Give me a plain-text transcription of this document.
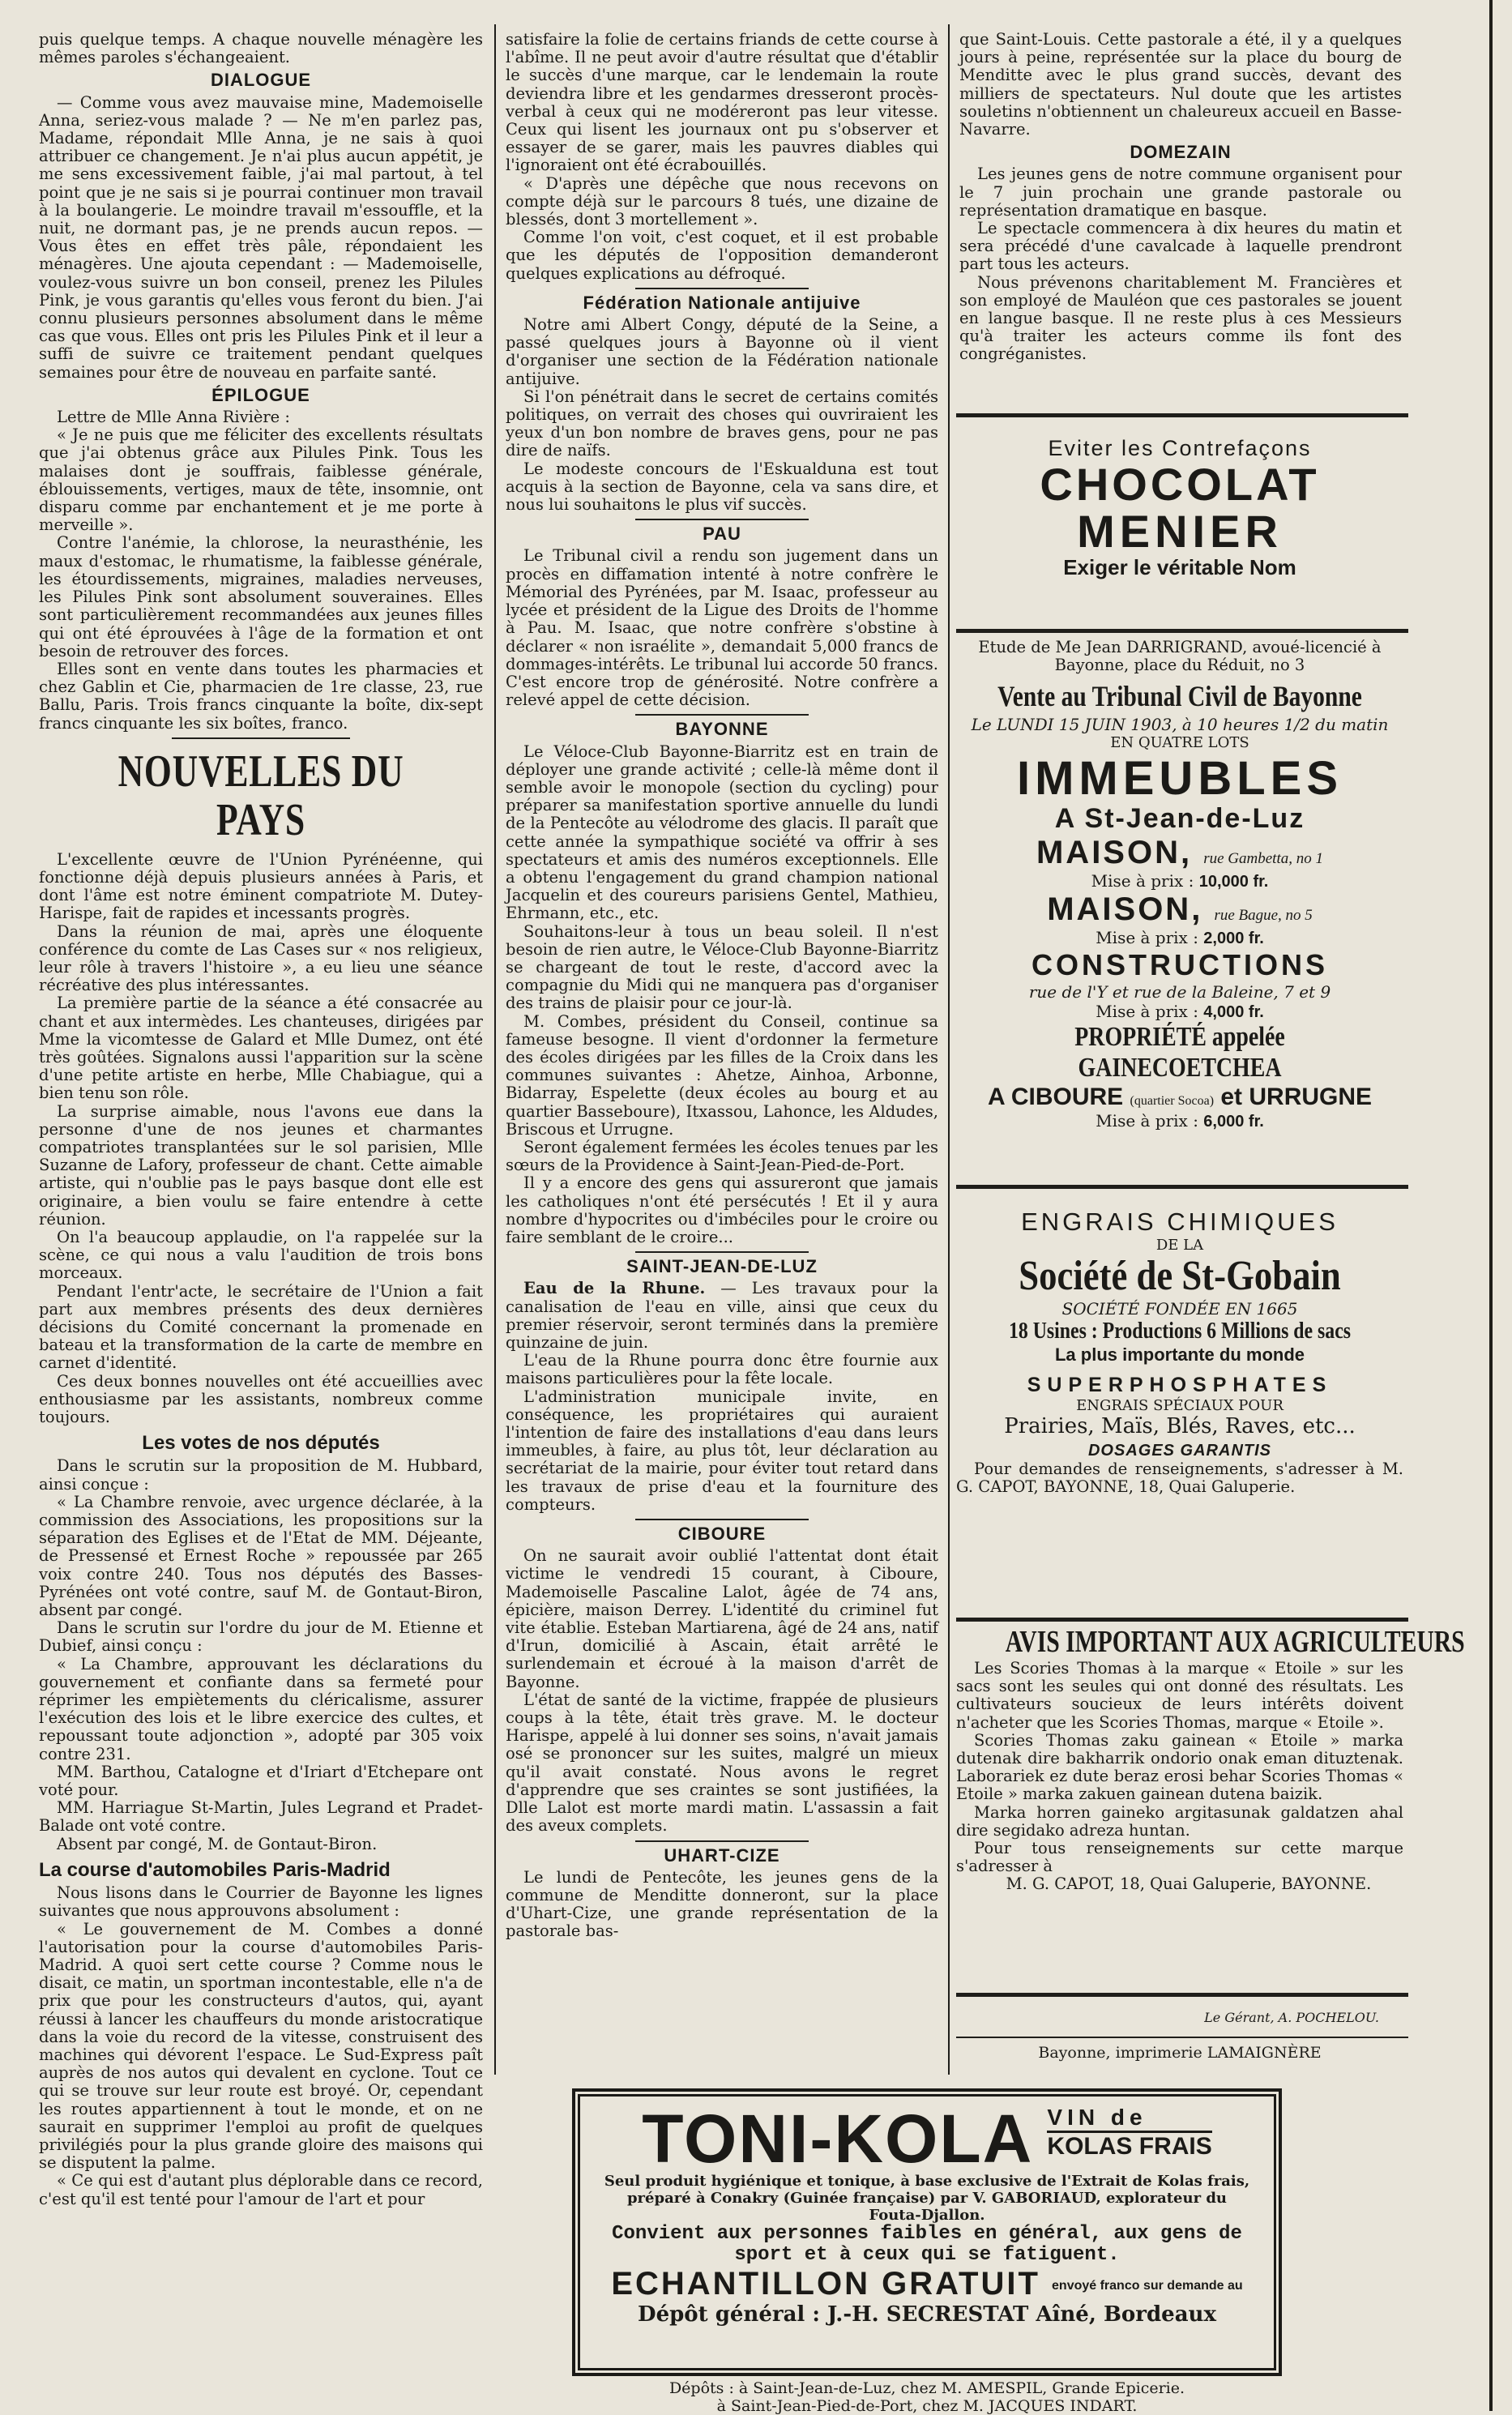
puis quelque temps. A chaque nouvelle ménagère les mêmes paroles s'échangeaient.

DIALOGUE

— Comme vous avez mauvaise mine, Mademoiselle Anna, seriez-vous malade ? — Ne m'en parlez pas, Madame, répondait Mlle Anna, je ne sais à quoi attribuer ce changement. Je n'ai plus aucun appétit, je me sens excessivement faible, j'ai mal partout, à tel point que je ne sais si je pourrai continuer mon travail à la boulangerie. Le moindre travail m'essouffle, et la nuit, ne dormant pas, je ne prends aucun repos. — Vous êtes en effet très pâle, répondaient les ménagères. Une ajouta cependant : — Mademoiselle, voulez-vous suivre un bon conseil, prenez les Pilules Pink, je vous garantis qu'elles vous feront du bien. J'ai connu plusieurs personnes absolument dans le même cas que vous. Elles ont pris les Pilules Pink et il leur a suffi de suivre ce traitement pendant quelques semaines pour être de nouveau en parfaite santé.

ÉPILOGUE

Lettre de Mlle Anna Rivière :

« Je ne puis que me féliciter des excellents résultats que j'ai obtenus grâce aux Pilules Pink. Tous les malaises dont je souffrais, faiblesse générale, éblouissements, vertiges, maux de tête, insomnie, ont disparu comme par enchantement et je me porte à merveille ».

Contre l'anémie, la chlorose, la neurasthénie, les maux d'estomac, le rhumatisme, la faiblesse générale, les étourdissements, migraines, maladies nerveuses, les Pilules Pink sont absolument souveraines. Elles sont particulièrement recommandées aux jeunes filles qui ont été éprouvées à l'âge de la formation et ont besoin de retrouver des forces.

Elles sont en vente dans toutes les pharmacies et chez Gablin et Cie, pharmacien de 1re classe, 23, rue Ballu, Paris. Trois francs cinquante la boîte, dix-sept francs cinquante les six boîtes, franco.

NOUVELLES DU PAYS

L'excellente œuvre de l'Union Pyrénéenne, qui fonctionne déjà depuis plusieurs années à Paris, et dont l'âme est notre éminent compatriote M. Dutey-Harispe, fait de rapides et incessants progrès.

Dans la réunion de mai, après une éloquente conférence du comte de Las Cases sur « nos religieux, leur rôle à travers l'histoire », a eu lieu une séance récréative des plus intéressantes.

La première partie de la séance a été consacrée au chant et aux intermèdes. Les chanteuses, dirigées par Mme la vicomtesse de Galard et Mlle Dumez, ont été très goûtées. Signalons aussi l'apparition sur la scène d'une petite artiste en herbe, Mlle Chabiague, qui a bien tenu son rôle.

La surprise aimable, nous l'avons eue dans la personne d'une de nos jeunes et charmantes compatriotes transplantées sur le sol parisien, Mlle Suzanne de Lafory, professeur de chant. Cette aimable artiste, qui n'oublie pas le pays basque dont elle est originaire, a bien voulu se faire entendre à cette réunion.

On l'a beaucoup applaudie, on l'a rappelée sur la scène, ce qui nous a valu l'audition de trois bons morceaux.

Pendant l'entr'acte, le secrétaire de l'Union a fait part aux membres présents des deux dernières décisions du Comité concernant la promenade en bateau et la transformation de la carte de membre en carnet d'identité.

Ces deux bonnes nouvelles ont été accueillies avec enthousiasme par les assistants, nombreux comme toujours.

Les votes de nos députés

Dans le scrutin sur la proposition de M. Hubbard, ainsi conçue :

« La Chambre renvoie, avec urgence déclarée, à la commission des Associations, les propositions sur la séparation des Eglises et de l'Etat de MM. Déjeante, de Pressensé et Ernest Roche » repoussée par 265 voix contre 240. Tous nos députés des Basses-Pyrénées ont voté contre, sauf M. de Gontaut-Biron, absent par congé.

Dans le scrutin sur l'ordre du jour de M. Etienne et Dubief, ainsi conçu :

« La Chambre, approuvant les déclarations du gouvernement et confiante dans sa fermeté pour réprimer les empiètements du cléricalisme, assurer l'exécution des lois et le libre exercice des cultes, et repoussant toute adjonction », adopté par 305 voix contre 231.

MM. Barthou, Catalogne et d'Iriart d'Etchepare ont voté pour.

MM. Harriague St-Martin, Jules Legrand et Pradet-Balade ont voté contre.

Absent par congé, M. de Gontaut-Biron.

La course d'automobiles Paris-Madrid

Nous lisons dans le Courrier de Bayonne les lignes suivantes que nous approuvons absolument :

« Le gouvernement de M. Combes a donné l'autorisation pour la course d'automobiles Paris-Madrid. A quoi sert cette course ? Comme nous le disait, ce matin, un sportman incontestable, elle n'a de prix que pour les constructeurs d'autos, qui, ayant réussi à lancer les chauffeurs du monde aristocratique dans la voie du record de la vitesse, construisent des machines qui dévorent l'espace. Le Sud-Express paît auprès de nos autos qui devalent en cyclone. Tout ce qui se trouve sur leur route est broyé. Or, cependant les routes appartiennent à tout le monde, et on ne saurait en supprimer l'emploi au profit de quelques privilégiés pour la plus grande gloire des maisons qui se disputent la palme.

« Ce qui est d'autant plus déplorable dans ce record, c'est qu'il est tenté pour l'amour de l'art et pour

satisfaire la folie de certains friands de cette course à l'abîme. Il ne peut avoir d'autre résultat que d'établir le succès d'une marque, car le lendemain la route deviendra libre et les gendarmes dresseront procès-verbal à ceux qui ne modéreront pas leur vitesse. Ceux qui lisent les journaux ont pu s'observer et essayer de se garer, mais les pauvres diables qui l'ignoraient ont été écrabouillés.

« D'après une dépêche que nous recevons on compte déjà sur le parcours 8 tués, une dizaine de blessés, dont 3 mortellement ».

Comme l'on voit, c'est coquet, et il est probable que les députés de l'opposition demanderont quelques explications au défroqué.

Fédération Nationale antijuive

Notre ami Albert Congy, député de la Seine, a passé quelques jours à Bayonne où il vient d'organiser une section de la Fédération nationale antijuive.

Si l'on pénétrait dans le secret de certains comités politiques, on verrait des choses qui ouvriraient les yeux d'un bon nombre de braves gens, pour ne pas dire de naïfs.

Le modeste concours de l'Eskualduna est tout acquis à la section de Bayonne, cela va sans dire, et nous lui souhaitons le plus vif succès.

PAU

Le Tribunal civil a rendu son jugement dans un procès en diffamation intenté à notre confrère le Mémorial des Pyrénées, par M. Isaac, professeur au lycée et président de la Ligue des Droits de l'homme à Pau. M. Isaac, que notre confrère s'obstine à déclarer « non israélite », demandait 5,000 francs de dommages-intérêts. Le tribunal lui accorde 50 francs. C'est encore trop de générosité. Notre confrère a relevé appel de cette décision.

BAYONNE

Le Véloce-Club Bayonne-Biarritz est en train de déployer une grande activité ; celle-là même dont il semble avoir le monopole (section du cycling) pour préparer sa manifestation sportive annuelle du lundi de la Pentecôte au vélodrome des glacis. Il paraît que cette année la sympathique société va offrir à ses spectateurs et amis des numéros exceptionnels. Elle a obtenu l'engagement du grand champion national Jacquelin et des coureurs parisiens Gentel, Mathieu, Ehrmann, etc., etc.

Souhaitons-leur à tous un beau soleil. Il n'est besoin de rien autre, le Véloce-Club Bayonne-Biarritz se chargeant de tout le reste, d'accord avec la compagnie du Midi qui ne manquera pas d'organiser des trains de plaisir pour ce jour-là.

M. Combes, président du Conseil, continue sa fameuse besogne. Il vient d'ordonner la fermeture des écoles dirigées par les filles de la Croix dans les communes suivantes : Ahetze, Ainhoa, Arbonne, Bidarray, Espelette (deux écoles au bourg et au quartier Basseboure), Itxassou, Lahonce, les Aldudes, Briscous et Urrugne.

Seront également fermées les écoles tenues par les sœurs de la Providence à Saint-Jean-Pied-de-Port.

Il y a encore des gens qui assureront que jamais les catholiques n'ont été persécutés ! Et il y aura nombre d'hypocrites ou d'imbéciles pour le croire ou faire semblant de le croire...

SAINT-JEAN-DE-LUZ

Eau de la Rhune. — Les travaux pour la canalisation de l'eau en ville, ainsi que ceux du premier réservoir, seront terminés dans la première quinzaine de juin.

L'eau de la Rhune pourra donc être fournie aux maisons particulières pour la fête locale.

L'administration municipale invite, en conséquence, les propriétaires qui auraient l'intention de faire des installations d'eau dans leurs immeubles, à faire, au plus tôt, leur déclaration au secrétariat de la mairie, pour éviter tout retard dans les travaux de prise d'eau et la fourniture des compteurs.

CIBOURE

On ne saurait avoir oublié l'attentat dont était victime le vendredi 15 courant, à Ciboure, Mademoiselle Pascaline Lalot, âgée de 74 ans, épicière, maison Derrey. L'identité du criminel fut vite établie. Esteban Martiarena, âgé de 24 ans, natif d'Irun, domicilié à Ascain, était arrêté le surlendemain et écroué à la maison d'arrêt de Bayonne.

L'état de santé de la victime, frappée de plusieurs coups à la tête, était très grave. M. le docteur Harispe, appelé à lui donner ses soins, n'avait jamais osé se prononcer sur les suites, malgré un mieux qu'il avait constaté. Nous avons le regret d'apprendre que ses craintes se sont justifiées, la Dlle Lalot est morte mardi matin. L'assassin a fait des aveux complets.

UHART-CIZE

Le lundi de Pentecôte, les jeunes gens de la commune de Menditte donneront, sur la place d'Uhart-Cize, une grande représentation de la pastorale bas-

que Saint-Louis. Cette pastorale a été, il y a quelques jours à peine, représentée sur la place du bourg de Menditte avec le plus grand succès, devant des milliers de spectateurs. Nul doute que les artistes souletins n'obtiennent un chaleureux accueil en Basse-Navarre.

DOMEZAIN

Les jeunes gens de notre commune organisent pour le 7 juin prochain une grande pastorale ou représentation dramatique en basque.

Le spectacle commencera à dix heures du matin et sera précédé d'une cavalcade à laquelle prendront part tous les acteurs.

Nous prévenons charitablement M. Francières et son employé de Mauléon que ces pastorales se jouent en langue basque. Il ne reste plus à ces Messieurs qu'à traiter les acteurs comme ils font des congréganistes.

Eviter les Contrefaçons
CHOCOLAT
MENIER
Exiger le véritable Nom
Etude de Me Jean DARRIGRAND, avoué-licencié à Bayonne, place du Réduit, no 3
Vente au Tribunal Civil de Bayonne
Le LUNDI 15 JUIN 1903, à 10 heures 1/2 du matin
EN QUATRE LOTS
IMMEUBLES
A St-Jean-de-Luz
MAISON, rue Gambetta, no 1
Mise à prix : 10,000 fr.
MAISON, rue Bague, no 5
Mise à prix : 2,000 fr.
CONSTRUCTIONS
rue de l'Y et rue de la Baleine, 7 et 9
Mise à prix : 4,000 fr.
PROPRIÉTÉ appelée GAINECOETCHEA
A CIBOURE (quartier Socoa) et URRUGNE
Mise à prix : 6,000 fr.
ENGRAIS CHIMIQUES
DE LA
Société de St-Gobain
SOCIÉTÉ FONDÉE EN 1665
18 Usines : Productions 6 Millions de sacs
La plus importante du monde
SUPERPHOSPHATES
ENGRAIS SPÉCIAUX POUR
Prairies, Maïs, Blés, Raves, etc...
DOSAGES GARANTIS
Pour demandes de renseignements, s'adresser à M. G. CAPOT, BAYONNE, 18, Quai Galuperie.
AVIS IMPORTANT AUX AGRICULTEURS

Les Scories Thomas à la marque « Etoile » sur les sacs sont les seules qui ont donné des résultats. Les cultivateurs soucieux de leurs intérêts doivent n'acheter que les Scories Thomas, marque « Etoile ».

Scories Thomas zaku gainean « Etoile » marka dutenak dire bakharrik ondorio onak eman dituztenak. Laborariek ez dute beraz erosi behar Scories Thomas « Etoile » marka zakuen gainean dutena baizik.

Marka horren gaineko argitasunak galdatzen ahal dire segidako adreza huntan.

Pour tous renseignements sur cette marque s'adresser à

M. G. CAPOT, 18, Quai Galuperie, BAYONNE.

Le Gérant, A. POCHELOU.
Bayonne, imprimerie LAMAIGNÈRE
TONI-KOLA VIN de
KOLAS FRAIS
Seul produit hygiénique et tonique, à base exclusive de l'Extrait de Kolas frais, préparé à Conakry (Guinée française) par V. GABORIAUD, explorateur du Fouta-Djallon.
Convient aux personnes faibles en général, aux gens de sport et à ceux qui se fatiguent.
ECHANTILLON GRATUIT envoyé franco sur demande au
Dépôt général : J.-H. SECRESTAT Aîné, Bordeaux
Dépôts : à Saint-Jean-de-Luz, chez M. AMESPIL, Grande Epicerie.
à Saint-Jean-Pied-de-Port, chez M. JACQUES INDART.
